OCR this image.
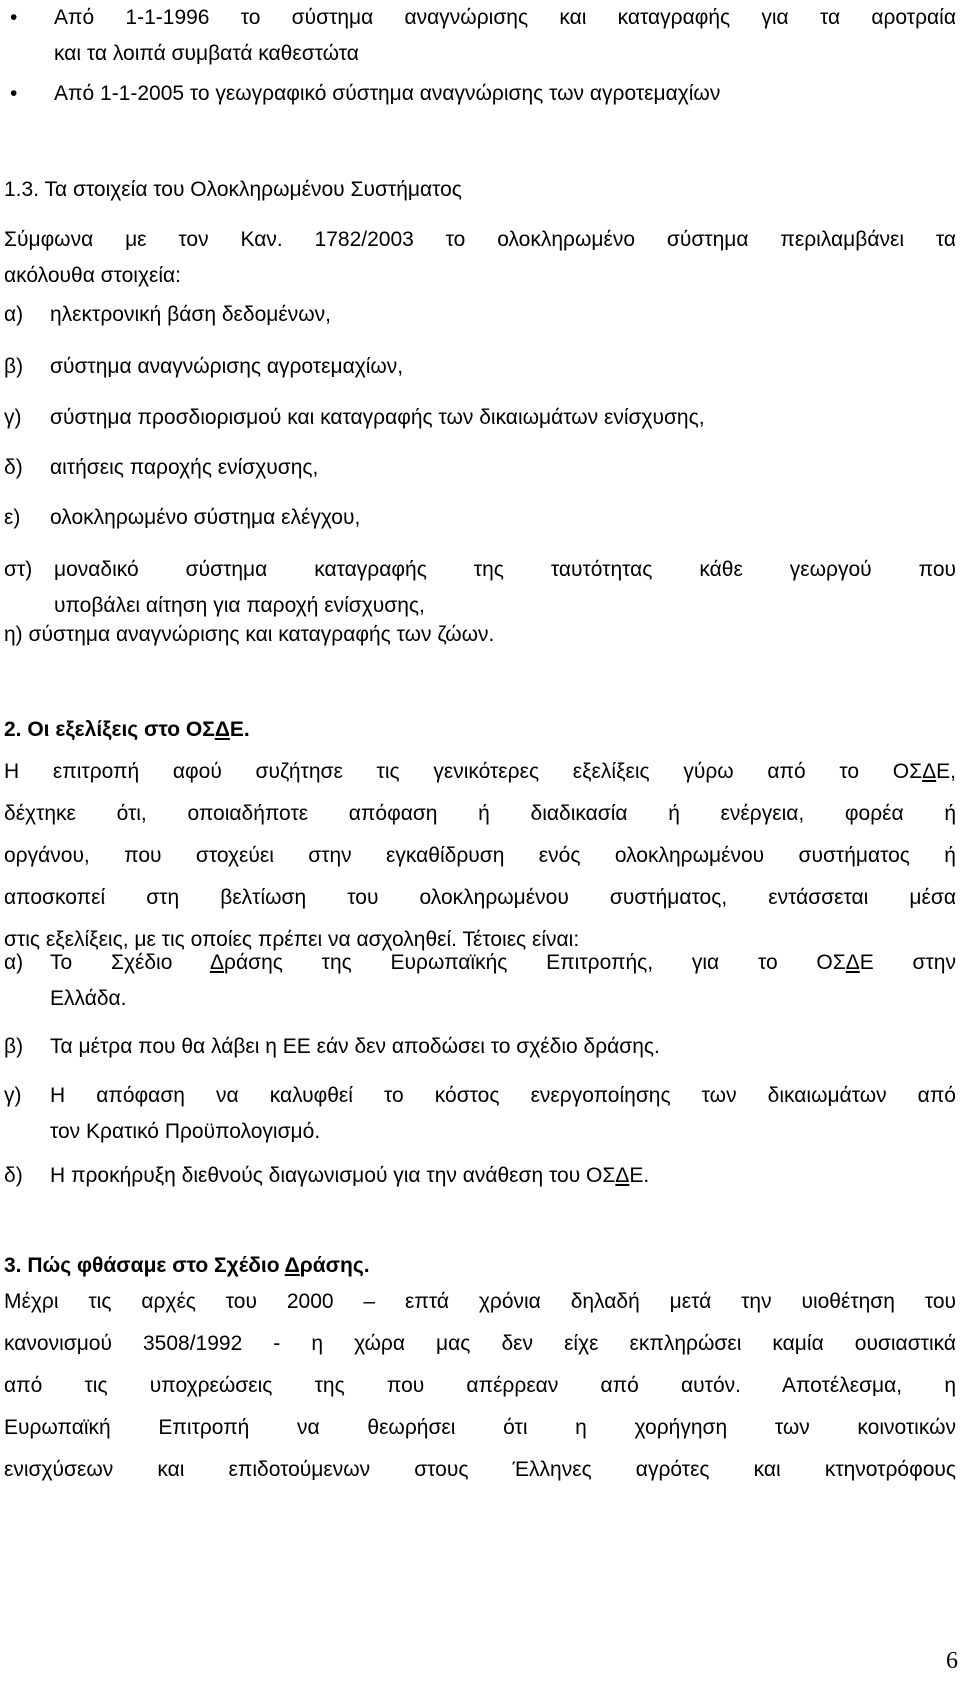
•	Από 1-1-1996 το σύστημα αναγνώρισης και καταγραφής για τα αροτραία
και τα λοιπά συμβατά καθεστώτα
•	Από 1-1-2005 το γεωγραφικό σύστημα αναγνώρισης των αγροτεμαχίων
1.3. Τα στοιχεία του Ολοκληρωμένου Συστήματος
Σύμφωνα με τον Καν. 1782/2003 το ολοκληρωμένο σύστημα περιλαμβάνει τα
ακόλουθα στοιχεία:
α)	ηλεκτρονική βάση δεδομένων,
β)	σύστημα αναγνώρισης αγροτεμαχίων,
γ)	σύστημα προσδιορισμού και καταγραφής των δικαιωμάτων ενίσχυσης,
δ)	αιτήσεις παροχής ενίσχυσης,
ε)	ολοκληρωμένο σύστημα ελέγχου,
στ)	μοναδικό σύστημα καταγραφής της ταυτότητας κάθε γεωργού που
υποβάλει αίτηση για παροχή ενίσχυσης,
η) σύστημα αναγνώρισης και καταγραφής των ζώων.
2. Οι εξελίξεις στο ΟΣΔΕ.
Η επιτροπή αφού συζήτησε τις γενικότερες εξελίξεις γύρω από το ΟΣΔΕ,
δέχτηκε ότι, οποιαδήποτε απόφαση ή διαδικασία ή ενέργεια, φορέα ή
οργάνου, που στοχεύει στην εγκαθίδρυση ενός ολοκληρωμένου συστήματος ή
αποσκοπεί στη βελτίωση του ολοκληρωμένου συστήματος, εντάσσεται μέσα
στις εξελίξεις, με τις οποίες πρέπει να ασχοληθεί. Τέτοιες είναι:
α)	Το Σχέδιο Δράσης της Ευρωπαϊκής Επιτροπής, για το ΟΣΔΕ στην
Ελλάδα.
β)	Τα μέτρα που θα λάβει η ΕΕ εάν δεν αποδώσει το σχέδιο δράσης.
γ)	Η απόφαση να καλυφθεί το κόστος ενεργοποίησης των δικαιωμάτων από
τον Κρατικό Προϋπολογισμό.
δ)	Η προκήρυξη διεθνούς διαγωνισμού για την ανάθεση του ΟΣΔΕ.
3. Πώς φθάσαμε στο Σχέδιο Δράσης.
Μέχρι τις αρχές του 2000 – επτά χρόνια δηλαδή μετά την υιοθέτηση του
κανονισμού 3508/1992 - η χώρα μας δεν είχε εκπληρώσει καμία ουσιαστικά
από τις υποχρεώσεις της που απέρρεαν από αυτόν. Αποτέλεσμα, η
Ευρωπαϊκή Επιτροπή να θεωρήσει ότι η χορήγηση των κοινοτικών
ενισχύσεων και επιδοτούμενων στους Έλληνες αγρότες και κτηνοτρόφους
6
